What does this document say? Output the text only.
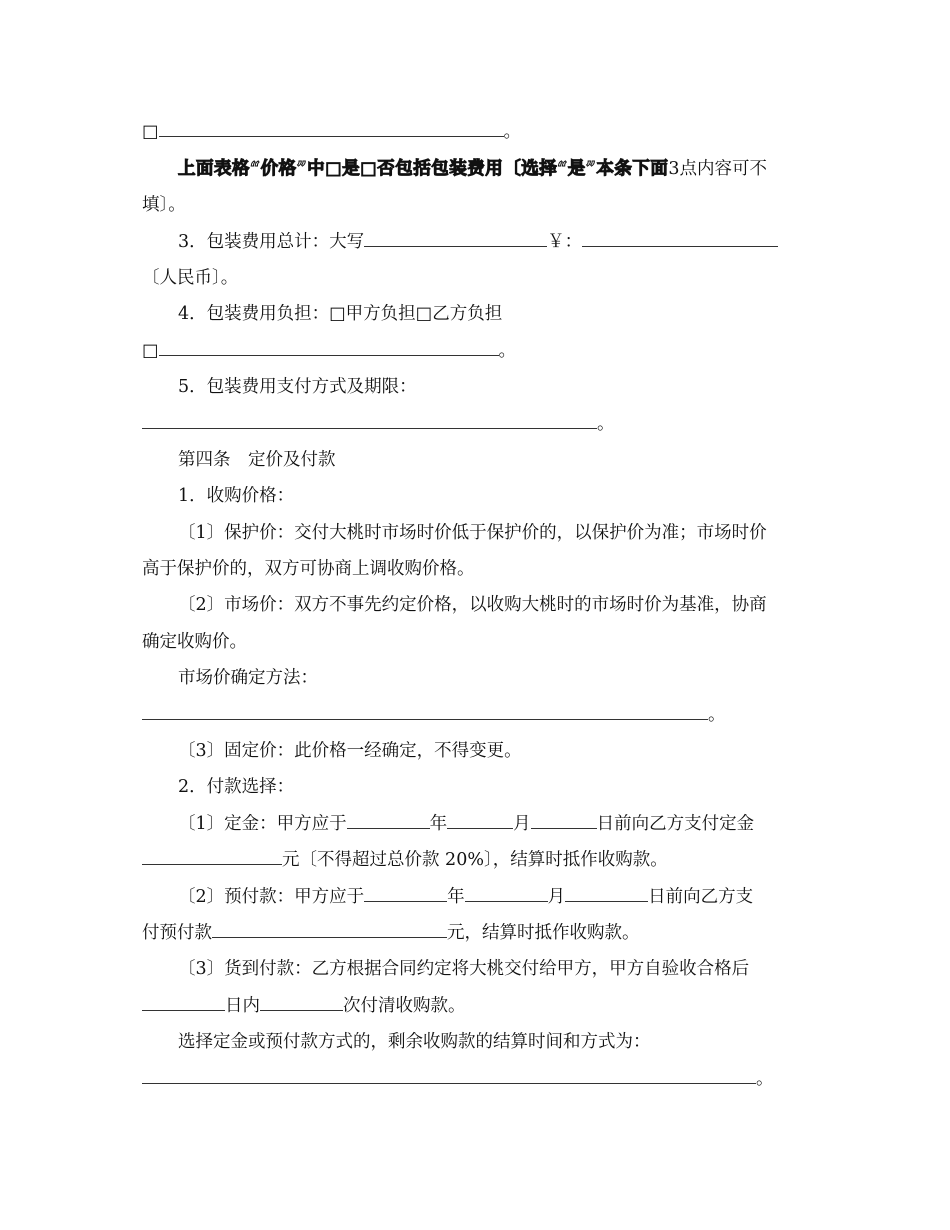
□	。
上面表格“价格”中□是□否包括包装费用〔选择“是”本条下面3点内容可不
填〕。
3．包装费用总计：大写	￥：
〔人民币〕。
4．包装费用负担：□甲方负担□乙方负担
□	。
5．包装费用支付方式及期限：
。
第四条　定价及付款
1．收购价格：
〔1〕保护价：交付大桃时市场时价低于保护价的，以保护价为准；市场时价
高于保护价的，双方可协商上调收购价格。
〔2〕市场价：双方不事先约定价格，以收购大桃时的市场时价为基准，协商
确定收购价。
市场价确定方法：
。
〔3〕固定价：此价格一经确定，不得变更。
2．付款选择：
〔1〕定金：甲方应于	年	月	日前向乙方支付定金
元〔不得超过总价款 20%〕，结算时抵作收购款。
〔2〕预付款：甲方应于	年	月	日前向乙方支
付预付款	元，结算时抵作收购款。
〔3〕货到付款：乙方根据合同约定将大桃交付给甲方，甲方自验收合格后
日内	次付清收购款。
选择定金或预付款方式的，剩余收购款的结算时间和方式为：
。
